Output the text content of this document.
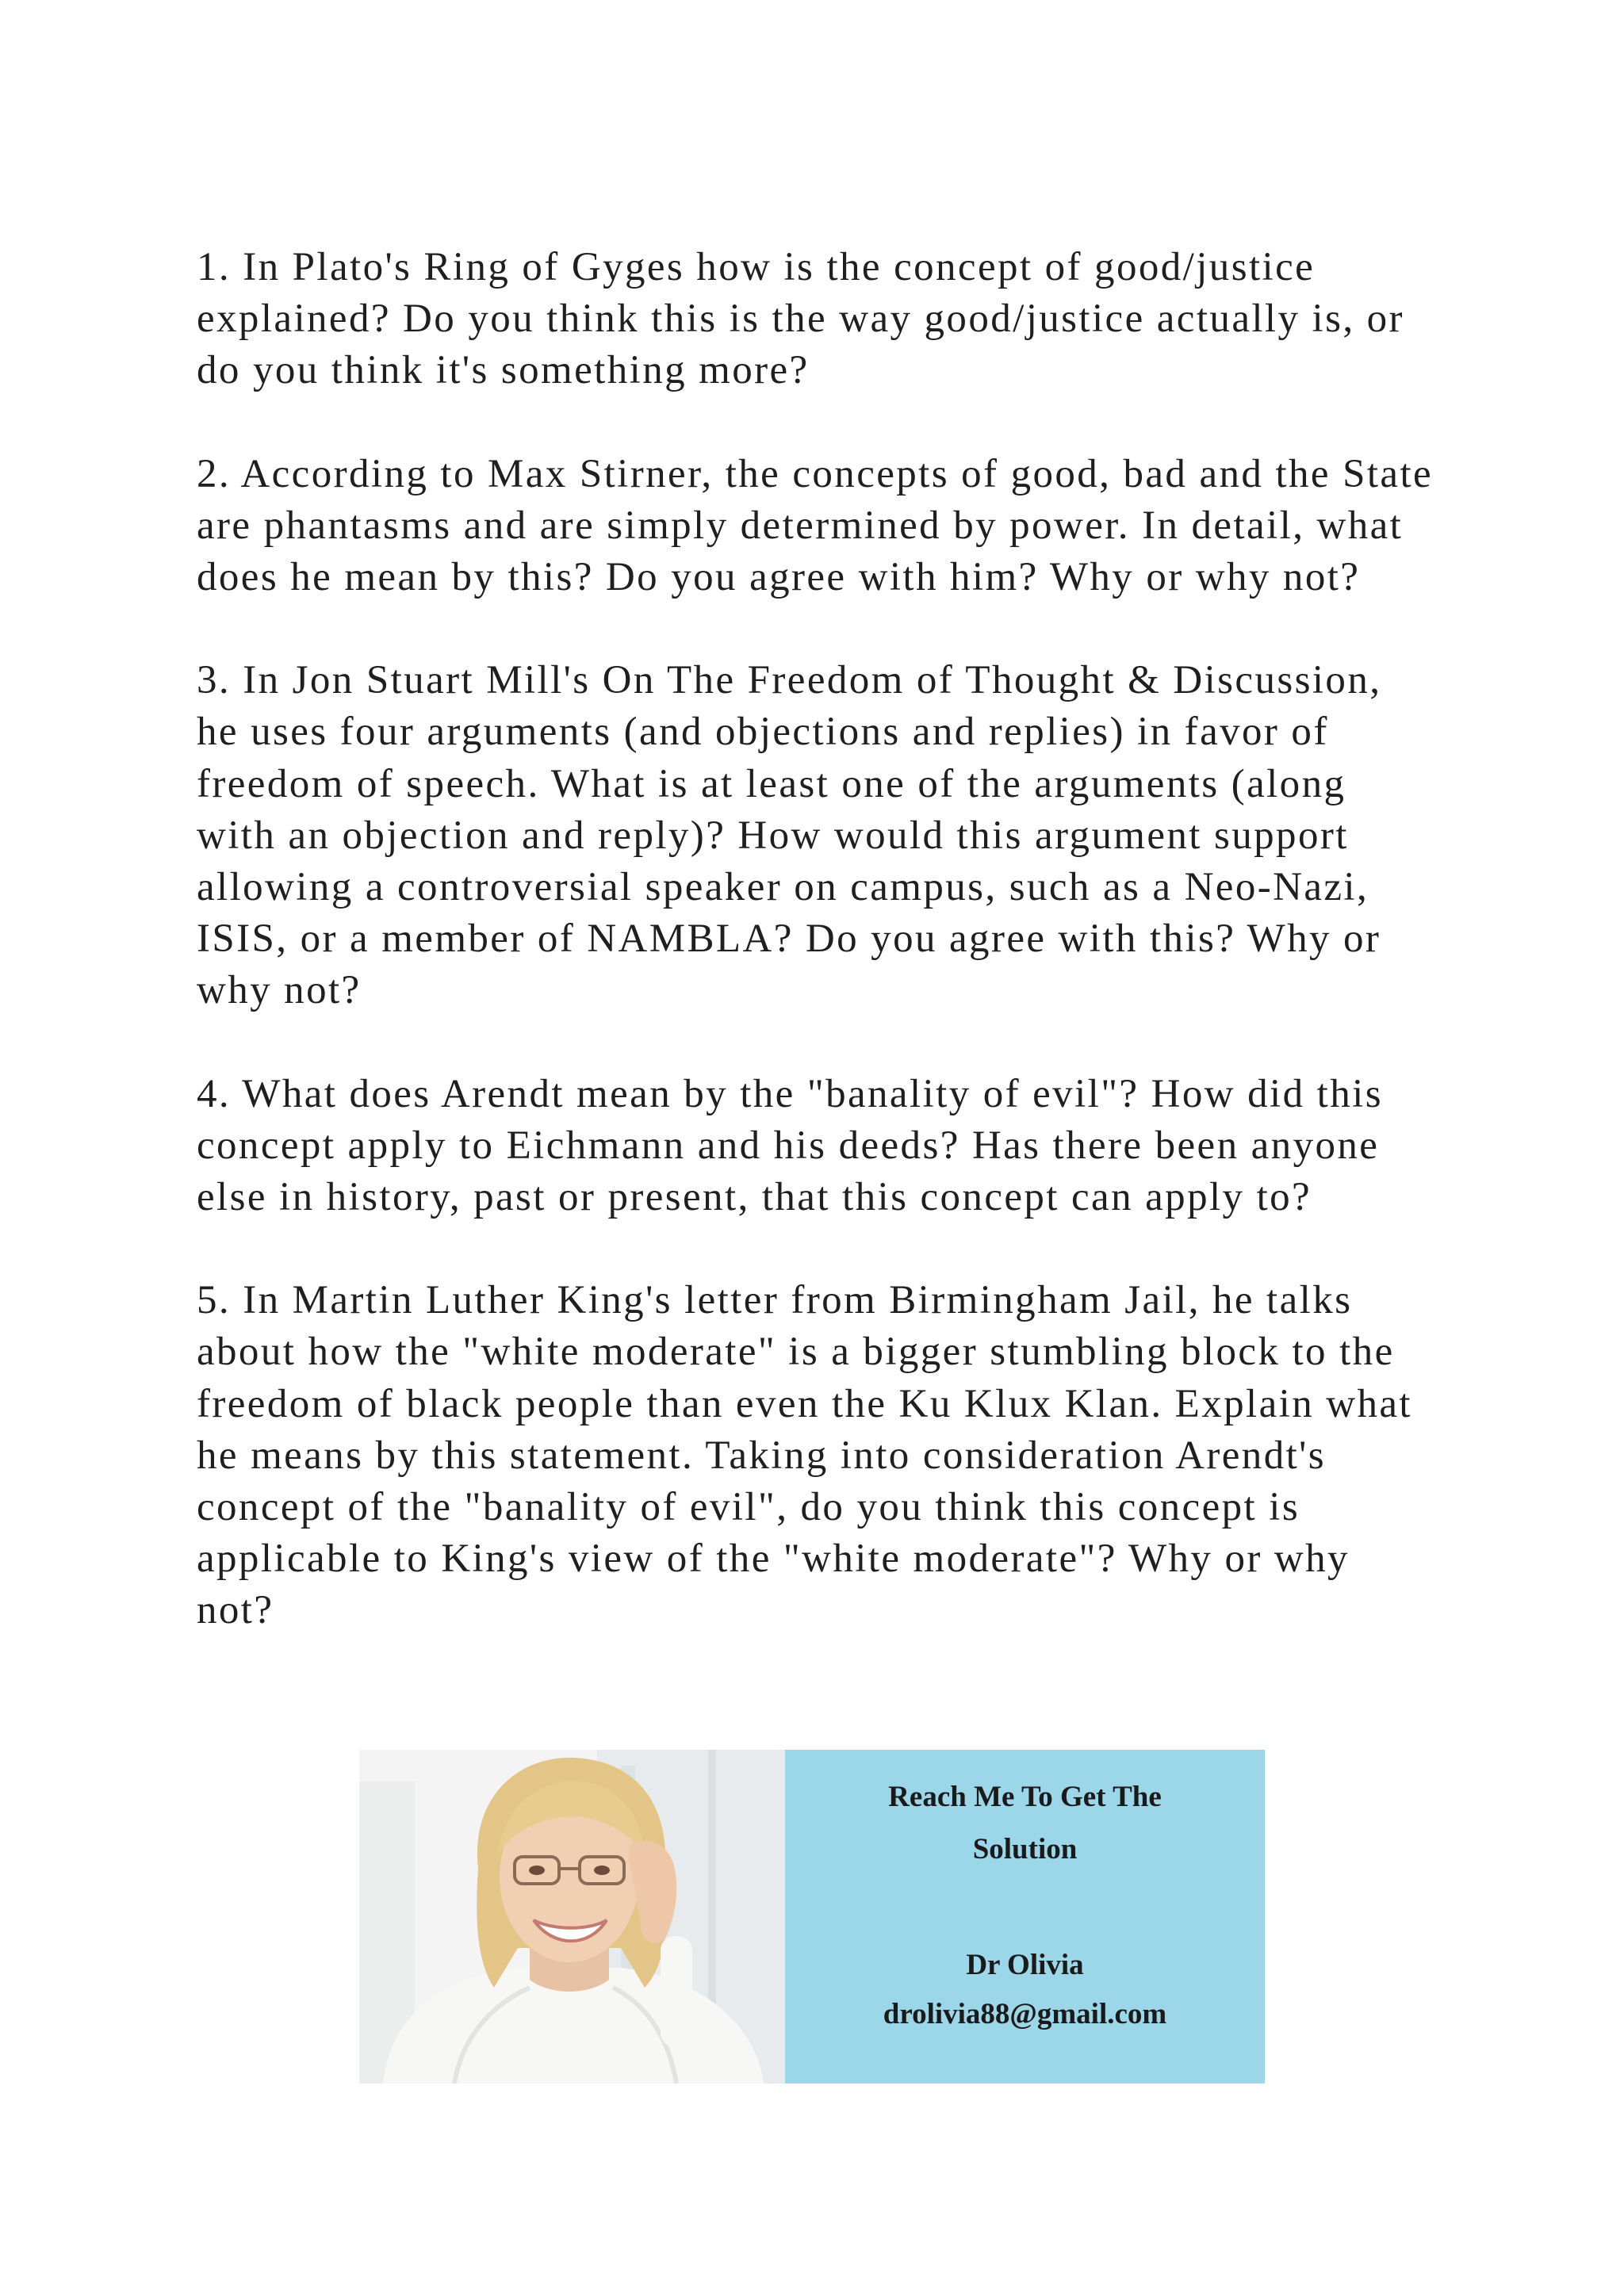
1. In Plato's Ring of Gyges how is the concept of good/justice explained? Do you think this is the way good/justice actually is, or do you think it's something more?

2. According to Max Stirner, the concepts of good, bad and the State are phantasms and are simply determined by power. In detail, what does he mean by this? Do you agree with him? Why or why not?

3. In Jon Stuart Mill's On The Freedom of Thought & Discussion, he uses four arguments (and objections and replies) in favor of freedom of speech. What is at least one of the arguments (along with an objection and reply)? How would this argument support allowing a controversial speaker on campus, such as a Neo-Nazi, ISIS, or a member of NAMBLA? Do you agree with this? Why or why not?

4. What does Arendt mean by the "banality of evil"? How did this concept apply to Eichmann and his deeds? Has there been anyone else in history, past or present, that this concept can apply to?

5. In Martin Luther King's letter from Birmingham Jail, he talks about how the "white moderate" is a bigger stumbling block to the freedom of black people than even the Ku Klux Klan. Explain what he means by this statement. Taking into consideration Arendt's concept of the "banality of evil", do you think this concept is applicable to King's view of the "white moderate"? Why or why not?

Reach Me To Get The
Solution
Dr Olivia
drolivia88@gmail.com
